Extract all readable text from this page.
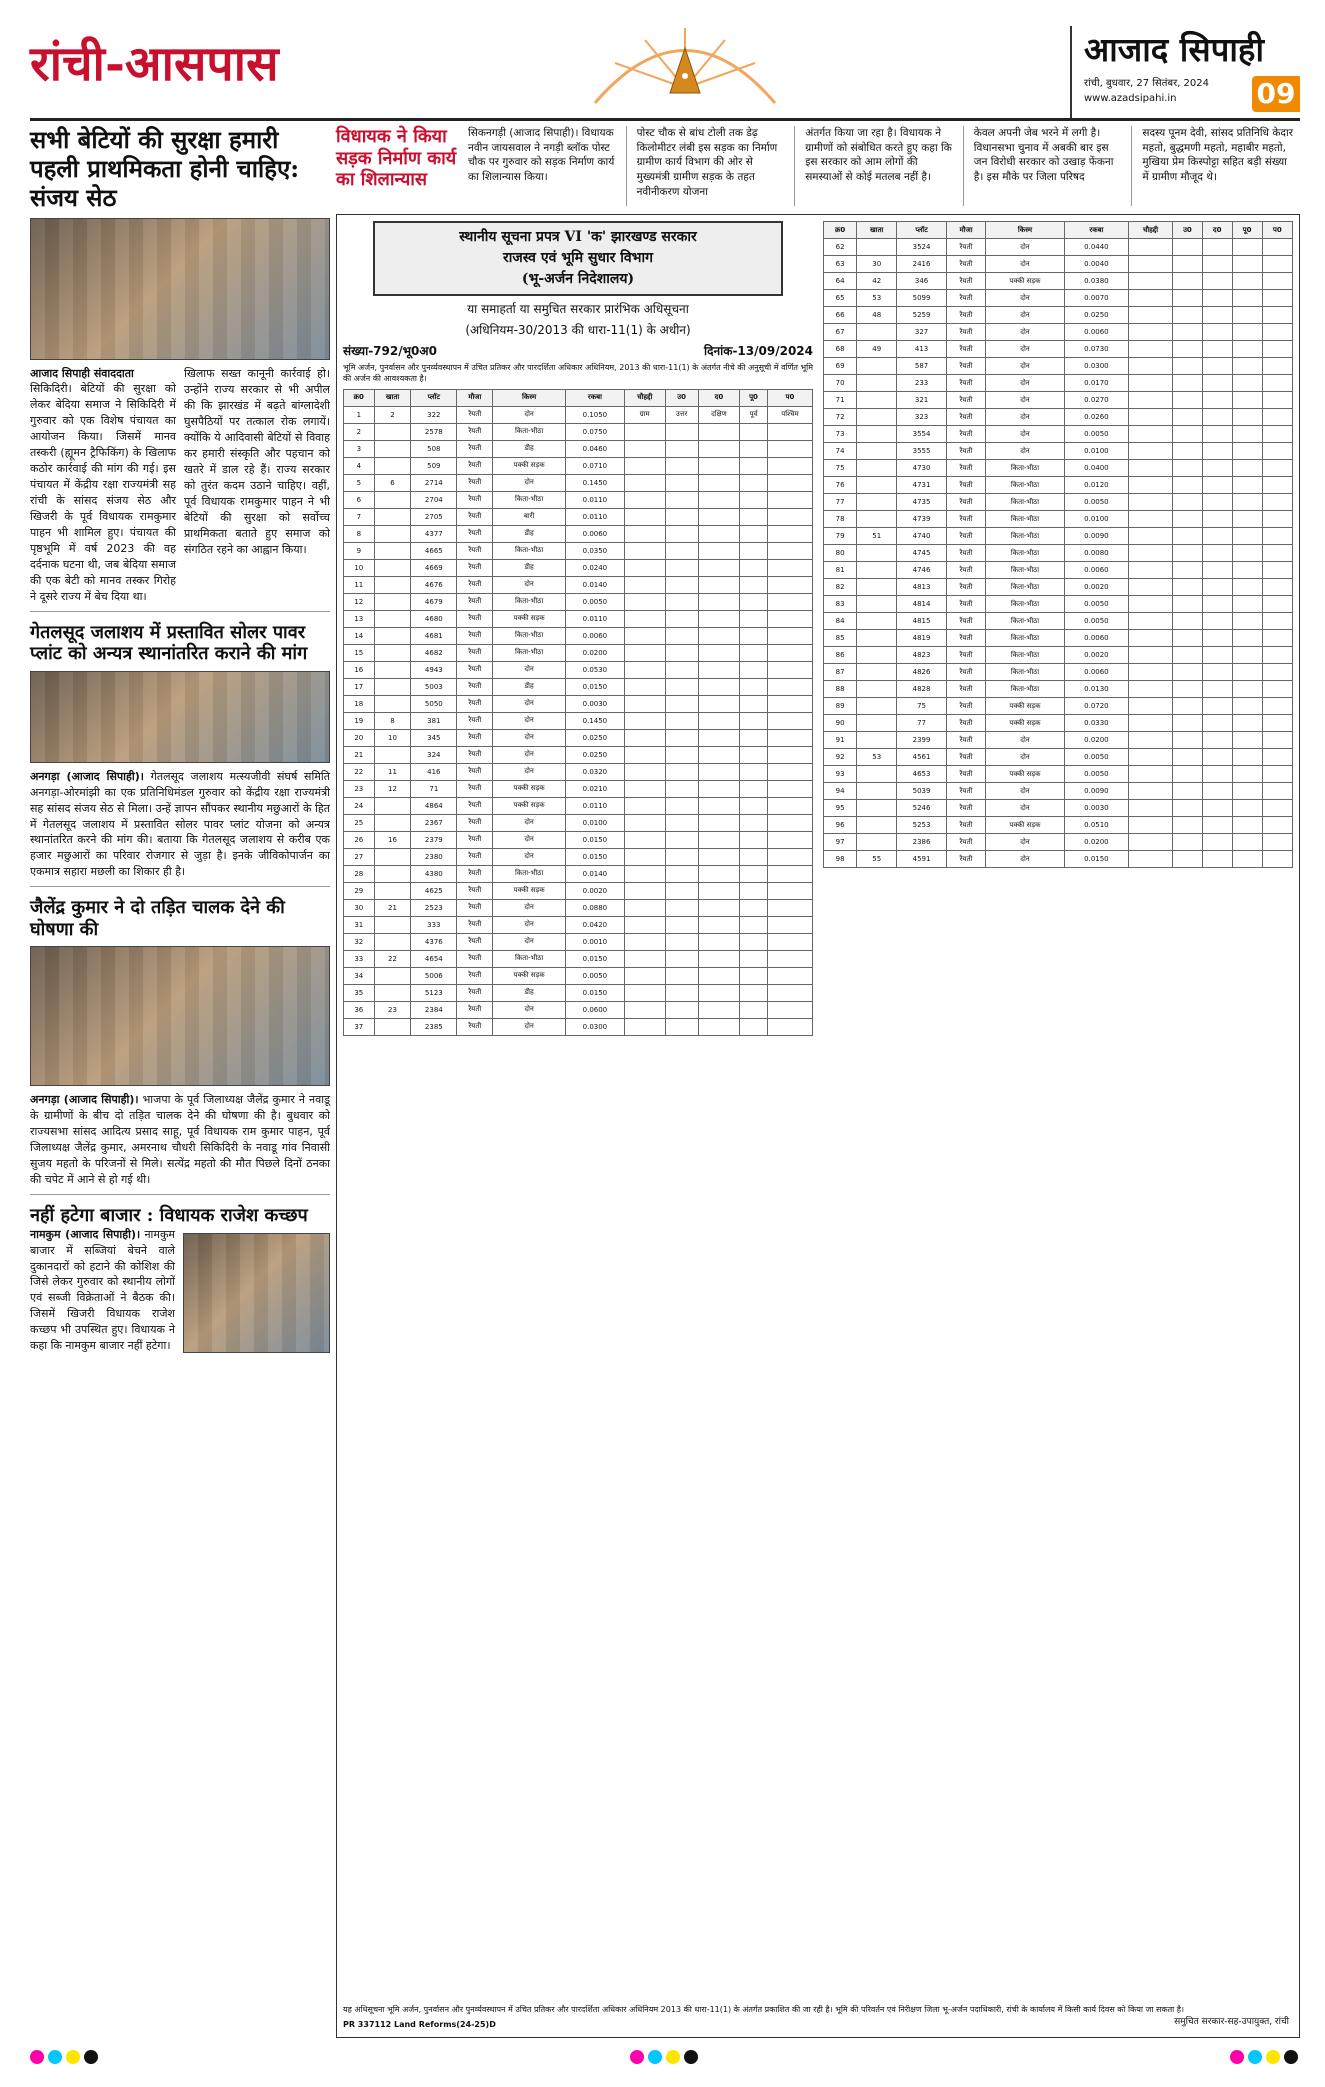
रांची-आसपास	आजाद सिपाही
रांची, बुधवार, 27 सितंबर, 2024
www.azadsipahi.in	09
सभी बेटियों की सुरक्षा हमारी पहली प्राथमिकता होनी चाहिए: संजय सेठ
आजाद सिपाही संवाददाता
सिकिदिरी। बेटियों की सुरक्षा को लेकर बेदिया समाज ने सिकिदिरी में गुरुवार को एक विशेष पंचायत का आयोजन किया। जिसमें मानव तस्करी (ह्यूमन ट्रैफिकिंग) के खिलाफ कठोर कार्रवाई की मांग की गई। इस पंचायत में केंद्रीय रक्षा राज्यमंत्री सह रांची के सांसद संजय सेठ और खिजरी के पूर्व विधायक रामकुमार पाहन भी शामिल हुए। पंचायत की पृष्ठभूमि में वर्ष 2023 की वह दर्दनाक घटना थी, जब बेदिया समाज की एक बेटी को मानव तस्कर गिरोह ने दूसरे राज्य में बेच दिया था।
खिलाफ सख्त कानूनी कार्रवाई हो। उन्होंने राज्य सरकार से भी अपील की कि झारखंड में बढ़ते बांग्लादेशी घुसपैठियों पर तत्काल रोक लगायें। क्योंकि ये आदिवासी बेटियों से विवाह कर हमारी संस्कृति और पहचान को खतरे में डाल रहे हैं। राज्य सरकार को तुरंत कदम उठाने चाहिए। वहीं, पूर्व विधायक रामकुमार पाहन ने भी बेटियों की सुरक्षा को सर्वोच्च प्राथमिकता बताते हुए समाज को संगठित रहने का आह्वान किया।
गेतलसूद जलाशय में प्रस्तावित सोलर पावर प्लांट को अन्यत्र स्थानांतरित कराने की मांग
अनगड़ा (आजाद सिपाही)। गेतलसूद जलाशय मत्स्यजीवी संघर्ष समिति अनगड़ा-ओरमांझी का एक प्रतिनिधिमंडल गुरुवार को केंद्रीय रक्षा राज्यमंत्री सह सांसद संजय सेठ से मिला। उन्हें ज्ञापन सौंपकर स्थानीय मछुआरों के हित में गेतलसूद जलाशय में प्रस्तावित सोलर पावर प्लांट योजना को अन्यत्र स्थानांतरित करने की मांग की। बताया कि गेतलसूद जलाशय से करीब एक हजार मछुआरों का परिवार रोजगार से जुड़ा है। इनके जीविकोपार्जन का एकमात्र सहारा मछली का शिकार ही है।
जैलेंद्र कुमार ने दो तड़ित चालक देने की घोषणा की
अनगड़ा (आजाद सिपाही)। भाजपा के पूर्व जिलाध्यक्ष जैलेंद्र कुमार ने नवाडू के ग्रामीणों के बीच दो तड़ित चालक देने की घोषणा की है। बुधवार को राज्यसभा सांसद आदित्य प्रसाद साहू, पूर्व विधायक राम कुमार पाहन, पूर्व जिलाध्यक्ष जैलेंद्र कुमार, अमरनाथ चौधरी सिकिदिरी के नवाडू गांव निवासी सुजय महतो के परिजनों से मिले। सत्येंद्र महतो की मौत पिछले दिनों ठनका की चपेट में आने से हो गई थी।
नहीं हटेगा बाजार : विधायक राजेश कच्छप
नामकुम (आजाद सिपाही)। नामकुम बाजार में सब्जियां बेचने वाले दुकानदारों को हटाने की कोशिश की जिसे लेकर गुरुवार को स्थानीय लोगों एवं सब्जी विक्रेताओं ने बैठक की। जिसमें खिजरी विधायक राजेश कच्छप भी उपस्थित हुए। विधायक ने कहा कि नामकुम बाजार नहीं हटेगा।
विधायक ने किया सड़क निर्माण कार्य का शिलान्यास
सिकनगड़ी (आजाद सिपाही)। विधायक नवीन जायसवाल ने नगड़ी ब्लॉक पोस्ट चौक पर गुरुवार को सड़क निर्माण कार्य का शिलान्यास किया।
पोस्ट चौक से बांध टोली तक डेढ़ किलोमीटर लंबी इस सड़क का निर्माण ग्रामीण कार्य विभाग की ओर से मुख्यमंत्री ग्रामीण सड़क के तहत नवीनीकरण योजना
अंतर्गत किया जा रहा है। विधायक ने ग्रामीणों को संबोधित करते हुए कहा कि इस सरकार को आम लोगों की समस्याओं से कोई मतलब नहीं है।
केवल अपनी जेब भरने में लगी है। विधानसभा चुनाव में अबकी बार इस जन विरोधी सरकार को उखाड़ फेंकना है। इस मौके पर जिला परिषद
सदस्य पूनम देवी, सांसद प्रतिनिधि केदार महतो, बुद्धमणी महतो, महाबीर महतो, मुखिया प्रेम किस्पोट्टा सहित बड़ी संख्या में ग्रामीण मौजूद थे।
स्थानीय सूचना प्रपत्र VI 'क' झारखण्ड सरकार
राजस्व एवं भूमि सुधार विभाग
(भू-अर्जन निदेशालय)
या समाहर्ता या समुचित सरकार प्रारंभिक अधिसूचना
(अधिनियम-30/2013 की धारा-11(1) के अधीन)
संख्या-792/भू0अ0	दिनांक-13/09/2024
भूमि अर्जन, पुनर्वासन और पुनर्व्यवस्थापन में उचित प्रतिकर और पारदर्शिता अधिकार अधिनियम, 2013 की धारा-11(1) के अंतर्गत नीचे की अनुसूची में वर्णित भूमि की अर्जन की आवश्यकता है।
क्र0	खाता	प्लॉट	मौजा	किस्म	रकबा	चौहद्दी	उ0	द0	पू0	प0
1	2	322	रैयती	दोन	0.1050	ग्राम	उत्तर	दक्षिण	पूर्व	पश्चिम
2		2578	रैयती	किता-भीठा	0.0750					
3		508	रैयती	डीह	0.0460					
4		509	रैयती	पक्की सड़क	0.0710					
5	6	2714	रैयती	दोन	0.1450					
6		2704	रैयती	किता-भीठा	0.0110					
7		2705	रैयती	बारी	0.0110					
8		4377	रैयती	डीह	0.0060					
9		4665	रैयती	किता-भीठा	0.0350					
10		4669	रैयती	डीह	0.0240					
11		4676	रैयती	दोन	0.0140					
12		4679	रैयती	किता-भीठा	0.0050					
13		4680	रैयती	पक्की सड़क	0.0110					
14		4681	रैयती	किता-भीठा	0.0060					
15		4682	रैयती	किता-भीठा	0.0200					
16		4943	रैयती	दोन	0.0530					
17		5003	रैयती	डीह	0.0150					
18		5050	रैयती	दोन	0.0030					
19	8	381	रैयती	दोन	0.1450					
20	10	345	रैयती	दोन	0.0250					
21		324	रैयती	दोन	0.0250					
22	11	416	रैयती	दोन	0.0320					
23	12	71	रैयती	पक्की सड़क	0.0210					
24		4864	रैयती	पक्की सड़क	0.0110					
25		2367	रैयती	दोन	0.0100					
26	16	2379	रैयती	दोन	0.0150					
27		2380	रैयती	दोन	0.0150					
28		4380	रैयती	किता-भीठा	0.0140					
29		4625	रैयती	पक्की सड़क	0.0020					
30	21	2523	रैयती	दोन	0.0880					
31		333	रैयती	दोन	0.0420					
32		4376	रैयती	दोन	0.0010					
33	22	4654	रैयती	किता-भीठा	0.0150					
34		5006	रैयती	पक्की सड़क	0.0050					
35		5123	रैयती	डीह	0.0150					
36	23	2384	रैयती	दोन	0.0600					
37		2385	रैयती	दोन	0.0300					
क्र0	खाता	प्लॉट	मौजा	किस्म	रकबा	चौहद्दी	उ0	द0	पू0	प0
62		3524	रैयती	दोन	0.0440					
63	30	2416	रैयती	दोन	0.0040					
64	42	346	रैयती	पक्की सड़क	0.0380					
65	53	5099	रैयती	दोन	0.0070					
66	48	5259	रैयती	दोन	0.0250					
67		327	रैयती	दोन	0.0060					
68	49	413	रैयती	दोन	0.0730					
69		587	रैयती	दोन	0.0300					
70		233	रैयती	दोन	0.0170					
71		321	रैयती	दोन	0.0270					
72		323	रैयती	दोन	0.0260					
73		3554	रैयती	दोन	0.0050					
74		3555	रैयती	दोन	0.0100					
75		4730	रैयती	किता-भीठा	0.0400					
76		4731	रैयती	किता-भीठा	0.0120					
77		4735	रैयती	किता-भीठा	0.0050					
78		4739	रैयती	किता-भीठा	0.0100					
79	51	4740	रैयती	किता-भीठा	0.0090					
80		4745	रैयती	किता-भीठा	0.0080					
81		4746	रैयती	किता-भीठा	0.0060					
82		4813	रैयती	किता-भीठा	0.0020					
83		4814	रैयती	किता-भीठा	0.0050					
84		4815	रैयती	किता-भीठा	0.0050					
85		4819	रैयती	किता-भीठा	0.0060					
86		4823	रैयती	किता-भीठा	0.0020					
87		4826	रैयती	किता-भीठा	0.0060					
88		4828	रैयती	किता-भीठा	0.0130					
89		75	रैयती	पक्की सड़क	0.0720					
90		77	रैयती	पक्की सड़क	0.0330					
91		2399	रैयती	दोन	0.0200					
92	53	4561	रैयती	दोन	0.0050					
93		4653	रैयती	पक्की सड़क	0.0050					
94		5039	रैयती	दोन	0.0090					
95		5246	रैयती	दोन	0.0030					
96		5253	रैयती	पक्की सड़क	0.0510					
97		2386	रैयती	दोन	0.0200					
98	55	4591	रैयती	दोन	0.0150					
यह अधिसूचना भूमि अर्जन, पुनर्वासन और पुनर्व्यवस्थापन में उचित प्रतिकर और पारदर्शिता अधिकार अधिनियम 2013 की धारा-11(1) के अंतर्गत प्रकाशित की जा रही है। भूमि की परिवर्तन एवं निरीक्षण जिला भू-अर्जन पदाधिकारी, रांची के कार्यालय में किसी कार्य दिवस को किया जा सकता है।
PR 337112 Land Reforms(24-25)D	समुचित सरकार-सह-उपायुक्त, रांची
